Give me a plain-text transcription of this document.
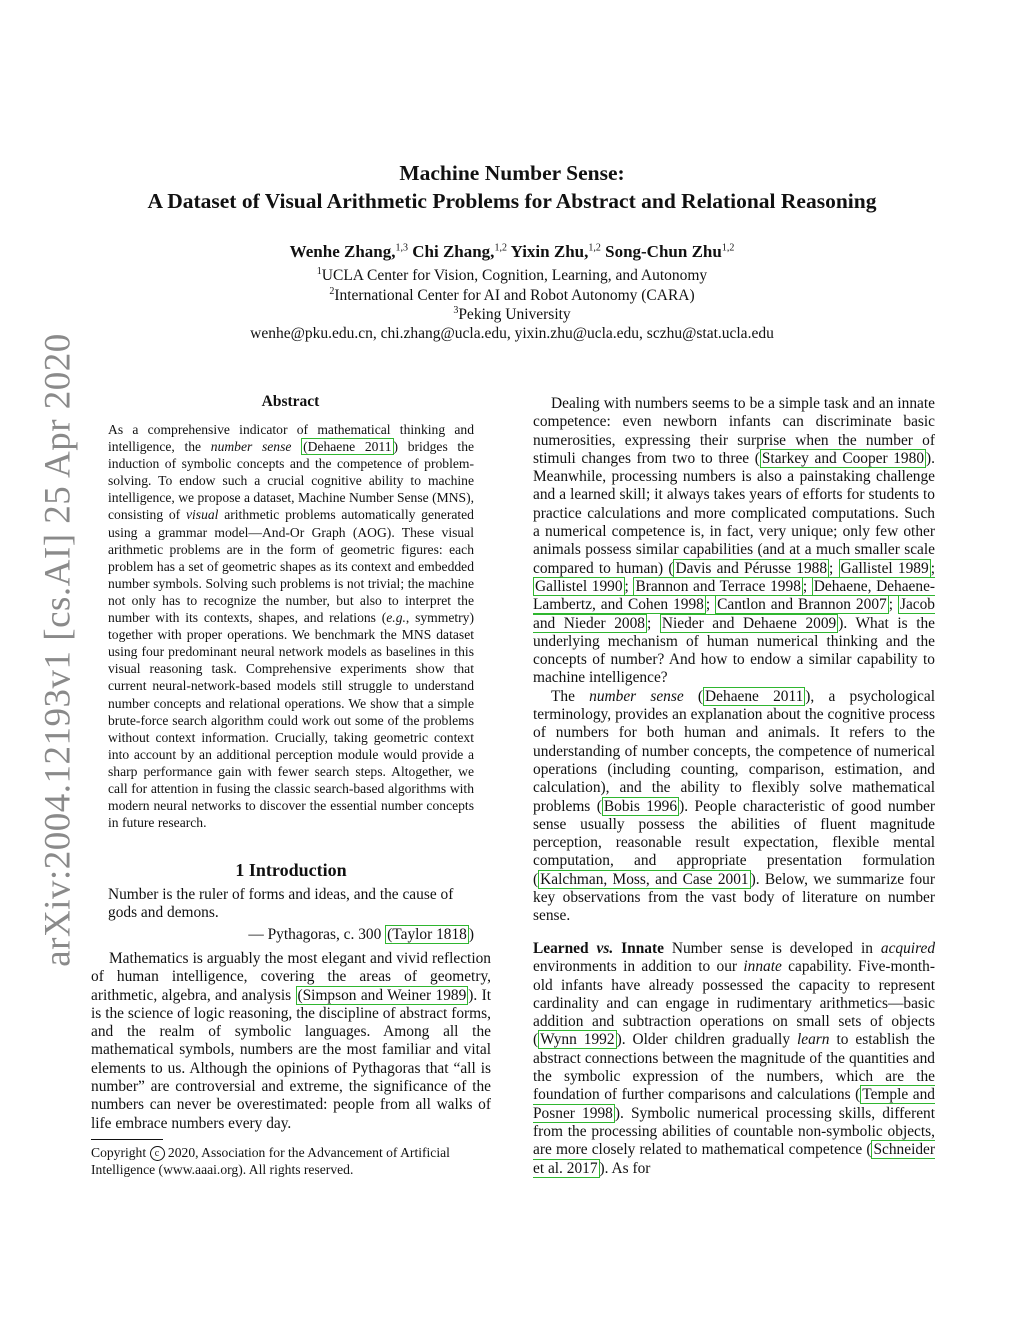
arXiv:2004.12193v1 [cs.AI] 25 Apr 2020
Machine Number Sense:
A Dataset of Visual Arithmetic Problems for Abstract and Relational Reasoning
Wenhe Zhang,$^{1,3}$ Chi Zhang,$^{1,2}$ Yixin Zhu,$^{1,2}$ Song-Chun Zhu$^{1,2}$
$^1$UCLA Center for Vision, Cognition, Learning, and Autonomy
$^2$International Center for AI and Robot Autonomy (CARA)
$^3$Peking University
wenhe@pku.edu.cn, chi.zhang@ucla.edu, yixin.zhu@ucla.edu, sczhu@stat.ucla.edu
Abstract
As a comprehensive indicator of mathematical thinking and intelligence, the number sense (Dehaene 2011 ) bridges the induction of symbolic concepts and the competence of problem-solving. To endow such a crucial cognitive ability to machine intelligence, we propose a dataset, Machine Number Sense (MNS), consisting of visual arithmetic problems automatically generated using a grammar model—And-Or Graph (AOG). These visual arithmetic problems are in the form of geometric figures: each problem has a set of geometric shapes as its context and embedded number symbols. Solving such problems is not trivial; the machine not only has to recognize the number, but also to interpret the number with its contexts, shapes, and relations (e.g., symmetry) together with proper operations. We benchmark the MNS dataset using four predominant neural network models as baselines in this visual reasoning task. Comprehensive experiments show that current neural-network-based models still struggle to understand number concepts and relational operations. We show that a simple brute-force search algorithm could work out some of the problems without context information. Crucially, taking geometric context into account by an additional perception module would provide a sharp performance gain with fewer search steps. Altogether, we call for attention in fusing the classic search-based algorithms with modern neural networks to discover the essential number concepts in future research.
1 Introduction
Number is the ruler of forms and ideas, and the cause of gods and demons.
— Pythagoras, c. 300 (Taylor 1818 )

Mathematics is arguably the most elegant and vivid reflection of human intelligence, covering the areas of geometry, arithmetic, algebra, and analysis (Simpson and Weiner 1989 ). It is the science of logic reasoning, the discipline of abstract forms, and the realm of symbolic languages. Among all the mathematical symbols, numbers are the most familiar and vital elements to us. Although the opinions of Pythagoras that “all is number” are controversial and extreme, the significance of the numbers can never be overestimated: people from all walks of life embrace numbers every day.

Copyright c 2020, Association for the Advancement of Artificial Intelligence (www.aaai.org). All rights reserved.

Dealing with numbers seems to be a simple task and an innate competence: even newborn infants can discriminate basic numerosities, expressing their surprise when the number of stimuli changes from two to three ( Starkey and Cooper 1980 ). Meanwhile, processing numbers is also a painstaking challenge and a learned skill; it always takes years of efforts for students to practice calculations and more complicated computations. Such a numerical competence is, in fact, very unique; only few other animals possess similar capabilities (and at a much smaller scale compared to human) ( Davis and Pérusse 1988 ; Gallistel 1989 ; Gallistel 1990 ; Brannon and Terrace 1998 ; Dehaene, Dehaene-Lambertz, and Cohen 1998 ; Cantlon and Brannon 2007 ; Jacob and Nieder 2008 ; Nieder and Dehaene 2009 ). What is the underlying mechanism of human numerical thinking and the concepts of number? And how to endow a similar capability to machine intelligence?

The number sense ( Dehaene 2011 ), a psychological terminology, provides an explanation about the cognitive process of numbers for both human and animals. It refers to the understanding of number concepts, the competence of numerical operations (including counting, comparison, estimation, and calculation), and the ability to flexibly solve mathematical problems ( Bobis 1996 ). People characteristic of good number sense usually possess the abilities of fluent magnitude perception, reasonable result expectation, flexible mental computation, and appropriate presentation formulation ( Kalchman, Moss, and Case 2001 ). Below, we summarize four key observations from the vast body of literature on number sense.

Learned vs. Innate Number sense is developed in acquired environments in addition to our innate capability. Five-month-old infants have already possessed the capacity to represent cardinality and can engage in rudimentary arithmetics—basic addition and subtraction operations on small sets of objects ( Wynn 1992 ). Older children gradually learn to establish the abstract connections between the magnitude of the quantities and the symbolic expression of the numbers, which are the foundation of further comparisons and calculations ( Temple and Posner 1998 ). Symbolic numerical processing skills, different from the processing abilities of countable non-symbolic objects, are more closely related to mathematical competence ( Schneider et al. 2017 ). As for
